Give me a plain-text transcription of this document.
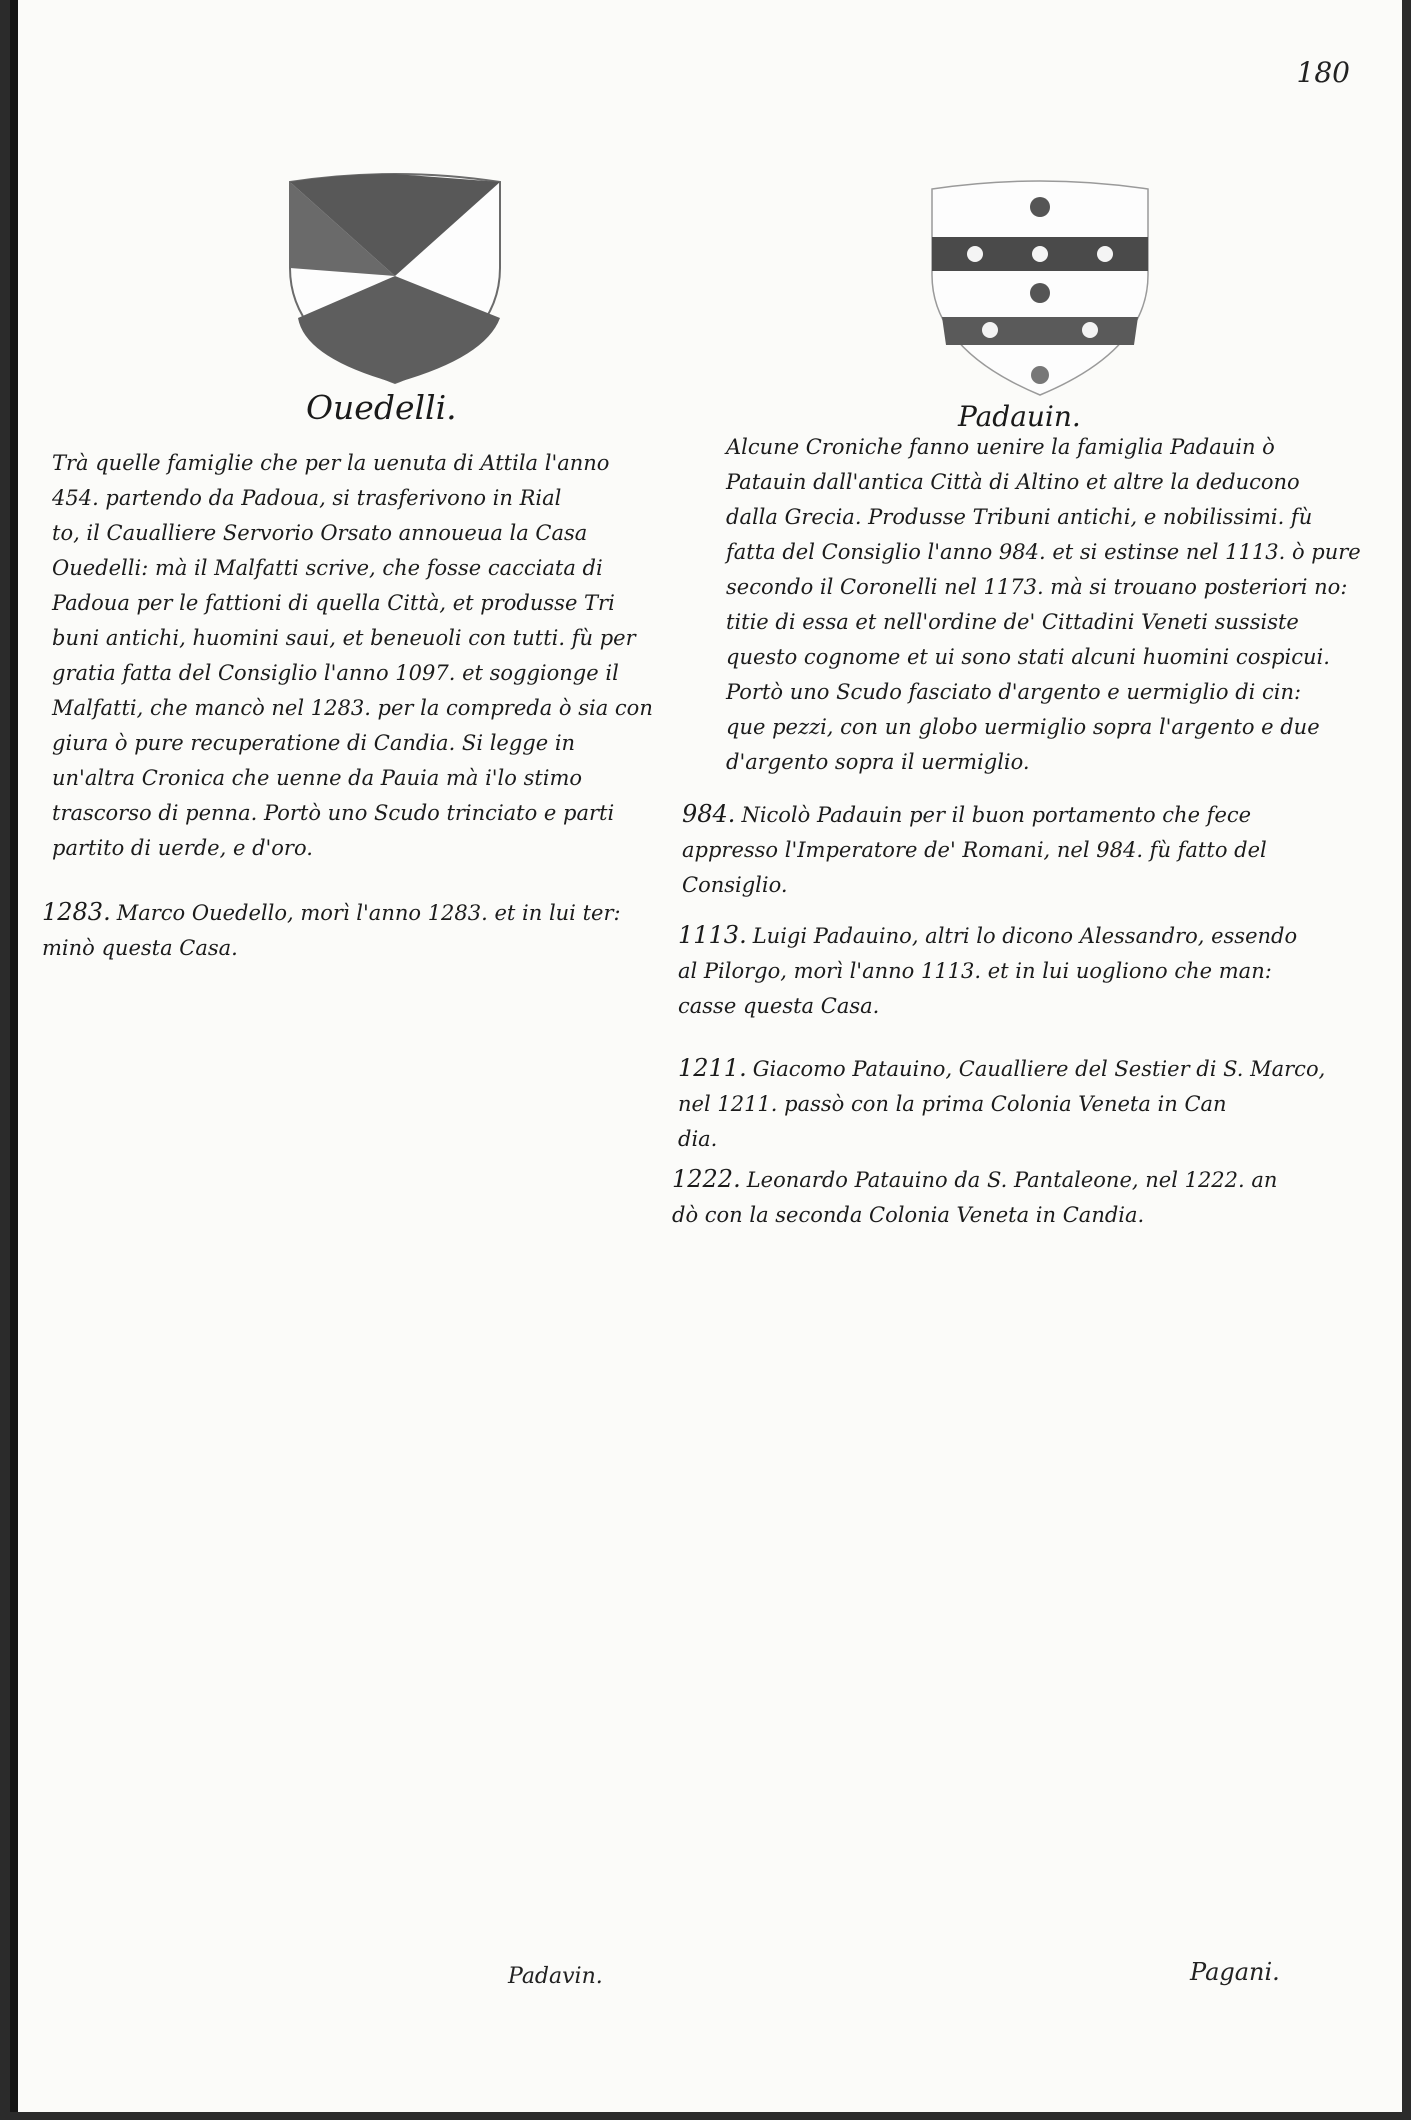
180
Ouedelli.
Trà quelle famiglie che per la uenuta di Attila l'anno
454. partendo da Padoua, si trasferivono in Rial
to, il Caualliere Servorio Orsato annoueua la Casa
Ouedelli: mà il Malfatti scrive, che fosse cacciata di
Padoua per le fattioni di quella Città, et produsse Tri
buni antichi, huomini saui, et beneuoli con tutti. fù per
gratia fatta del Consiglio l'anno 1097. et soggionge il
Malfatti, che mancò nel 1283. per la compreda ò sia con
giura ò pure recuperatione di Candia. Si legge in
un'altra Cronica che uenne da Pauia mà i'lo stimo
trascorso di penna. Portò uno Scudo trinciato e parti
partito di uerde, e d'oro.
1283. Marco Ouedello, morì l'anno 1283. et in lui ter:
minò questa Casa.
Padauin.
Alcune Croniche fanno uenire la famiglia Padauin ò
Patauin dall'antica Città di Altino et altre la deducono
dalla Grecia. Produsse Tribuni antichi, e nobilissimi. fù
fatta del Consiglio l'anno 984. et si estinse nel 1113. ò pure
secondo il Coronelli nel 1173. mà si trouano posteriori no:
titie di essa et nell'ordine de' Cittadini Veneti sussiste
questo cognome et ui sono stati alcuni huomini cospicui.
Portò uno Scudo fasciato d'argento e uermiglio di cin:
que pezzi, con un globo uermiglio sopra l'argento e due
d'argento sopra il uermiglio.
984. Nicolò Padauin per il buon portamento che fece
appresso l'Imperatore de' Romani, nel 984. fù fatto del
Consiglio.
1113. Luigi Padauino, altri lo dicono Alessandro, essendo
al Pilorgo, morì l'anno 1113. et in lui uogliono che man:
casse questa Casa.
1211. Giacomo Patauino, Caualliere del Sestier di S. Marco,
nel 1211. passò con la prima Colonia Veneta in Can
dia.
1222. Leonardo Patauino da S. Pantaleone, nel 1222. an
dò con la seconda Colonia Veneta in Candia.
Padavin.	Pagani.
